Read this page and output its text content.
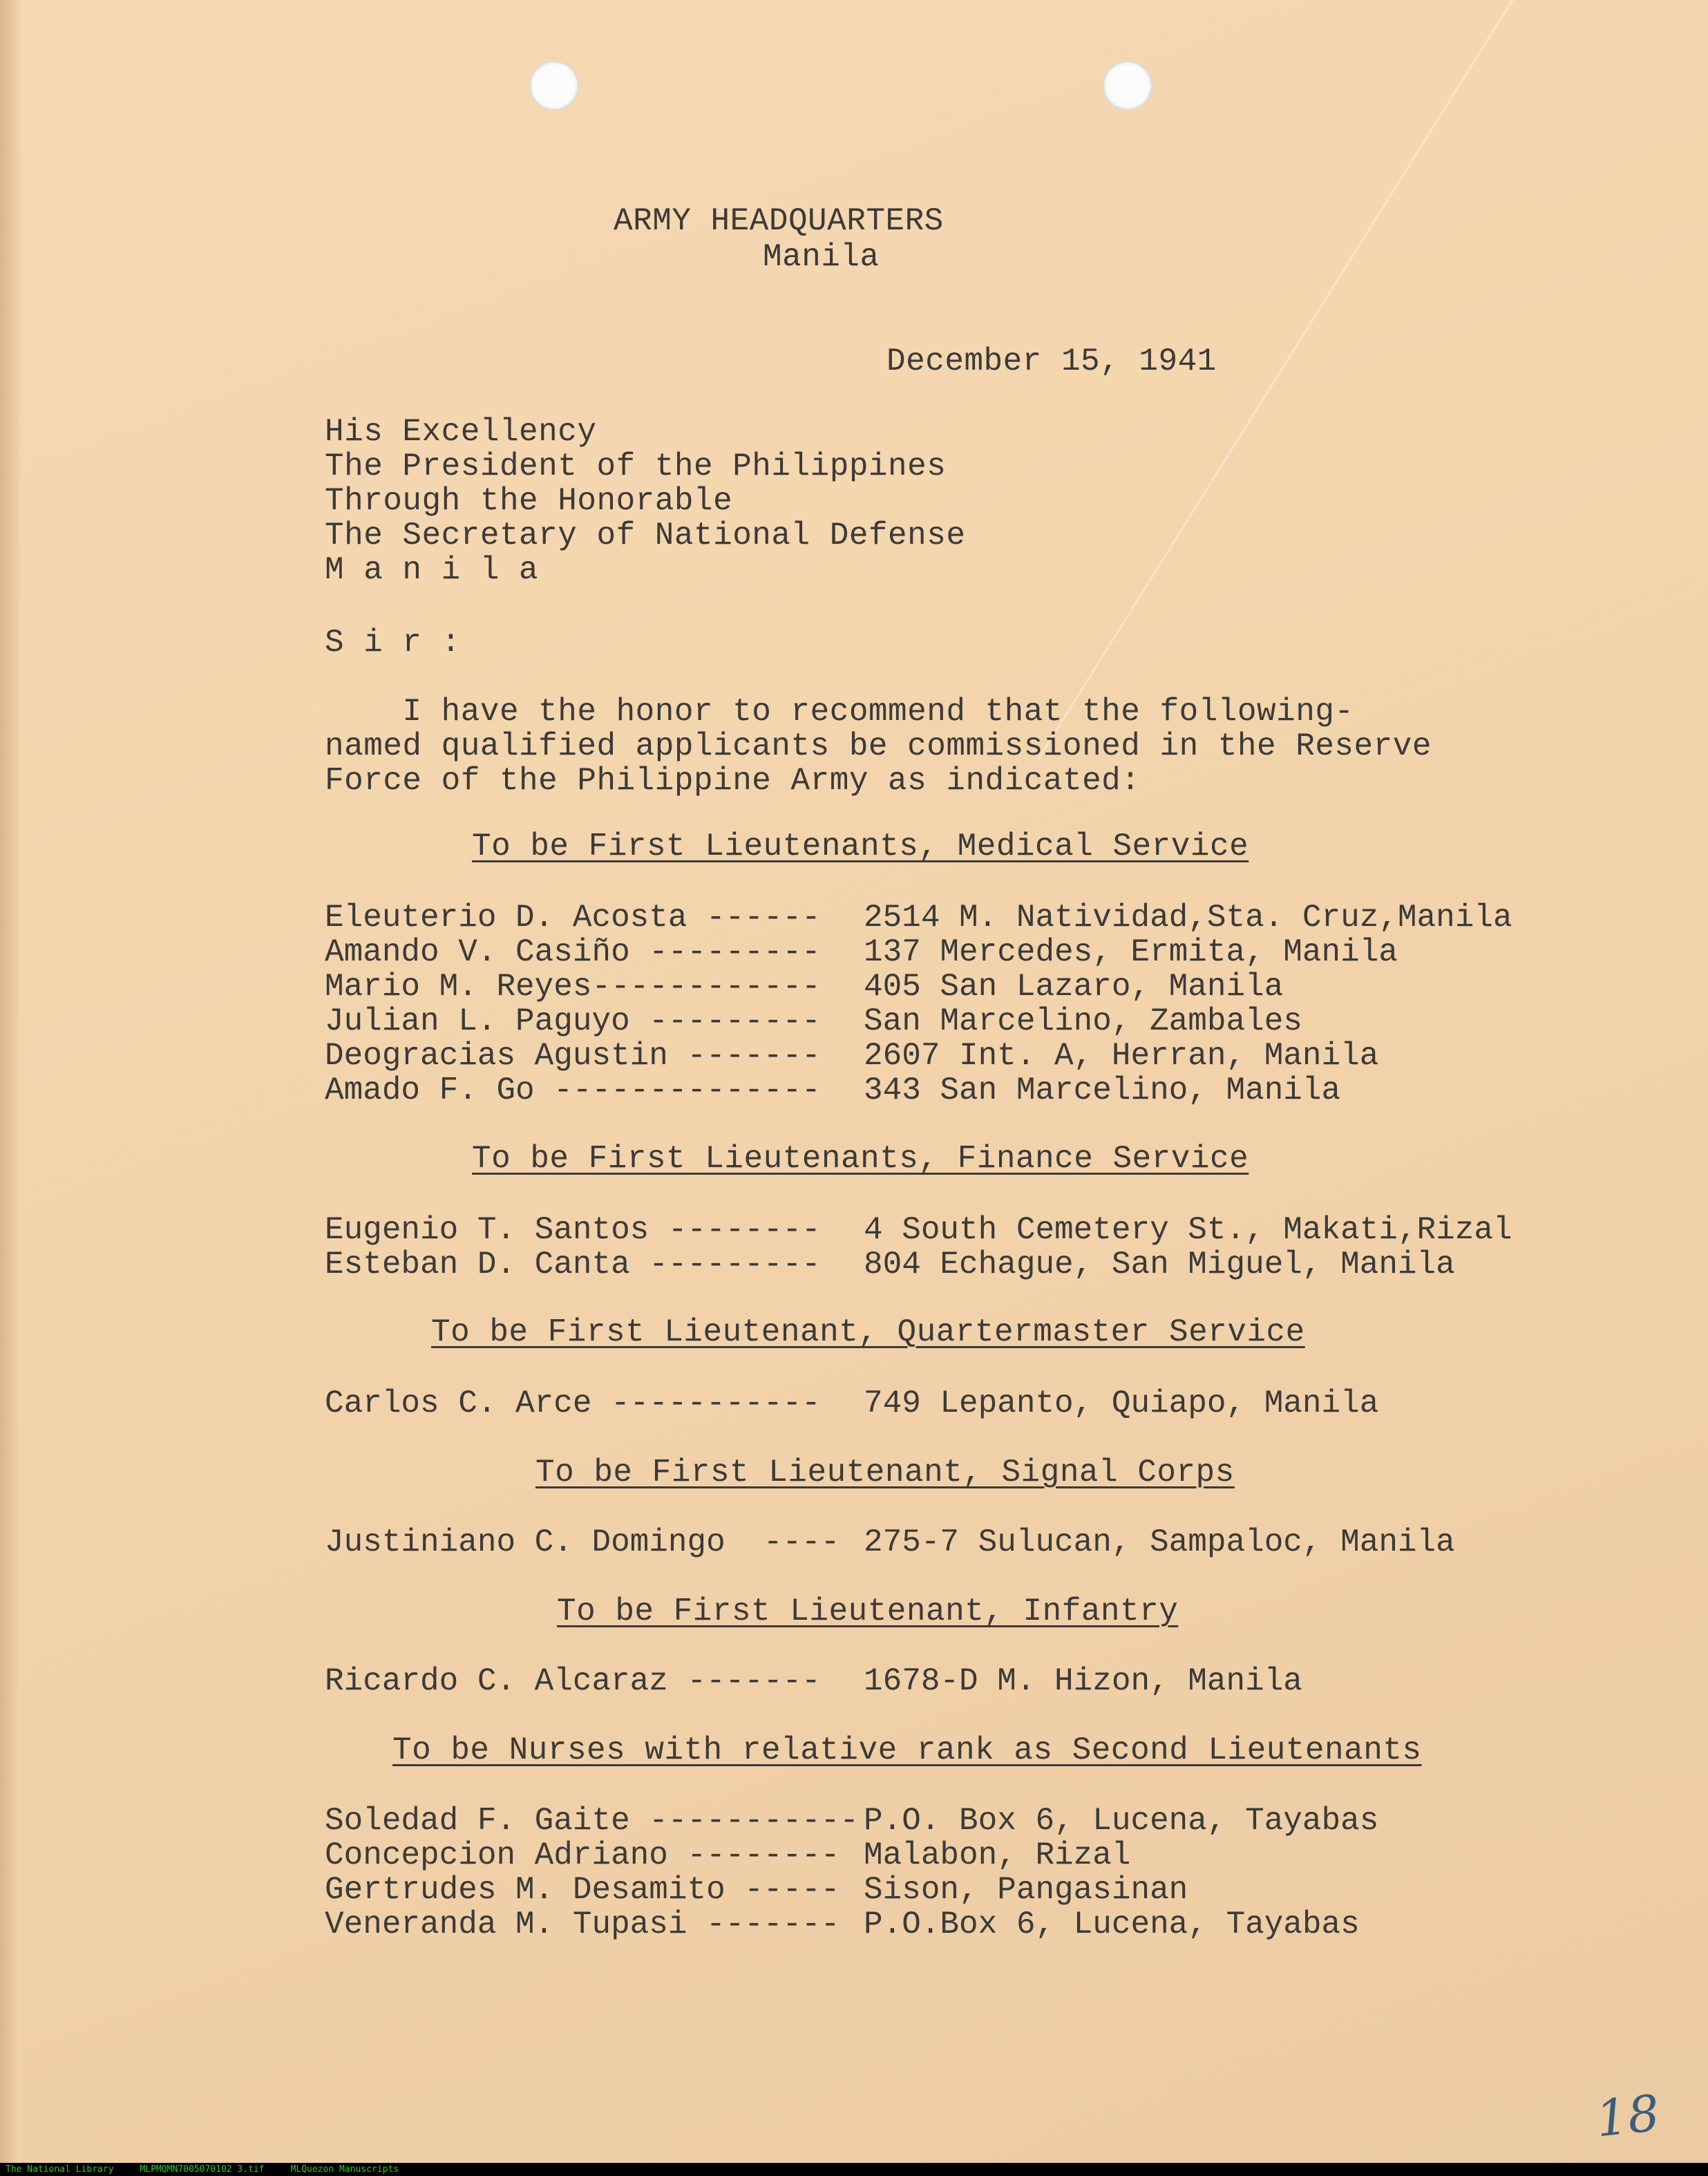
ARMY HEADQUARTERS
Manila
December 15, 1941
His Excellency
The President of the Philippines
Through the Honorable
The Secretary of National Defense
M a n i l a
S i r :
I have the honor to recommend that the following-
named qualified applicants be commissioned in the Reserve
Force of the Philippine Army as indicated:
To be First Lieutenants, Medical Service
Eleuterio D. Acosta ------ 2514 M. Natividad,Sta. Cruz,Manila
Amando V. Casiño --------- 137 Mercedes, Ermita, Manila
Mario M. Reyes------------ 405 San Lazaro, Manila
Julian L. Paguyo --------- San Marcelino, Zambales
Deogracias Agustin ------- 2607 Int. A, Herran, Manila
Amado F. Go -------------- 343 San Marcelino, Manila
To be First Lieutenants, Finance Service
Eugenio T. Santos -------- 4 South Cemetery St., Makati,Rizal
Esteban D. Canta --------- 804 Echague, San Miguel, Manila
To be First Lieutenant, Quartermaster Service
Carlos C. Arce ----------- 749 Lepanto, Quiapo, Manila
To be First Lieutenant, Signal Corps
Justiniano C. Domingo  ---- 275-7 Sulucan, Sampaloc, Manila
To be First Lieutenant, Infantry
Ricardo C. Alcaraz -------  1678-D M. Hizon, Manila
To be Nurses with relative rank as Second Lieutenants
Soledad F. Gaite ----------- P.O. Box 6, Lucena, Tayabas
Concepcion Adriano -------- Malabon, Rizal
Gertrudes M. Desamito ----- Sison, Pangasinan
Veneranda M. Tupasi ------- P.O.Box 6, Lucena, Tayabas
18
The National Library	MLPMQMN7005070102 3.tif	MLQuezon Manuscripts
